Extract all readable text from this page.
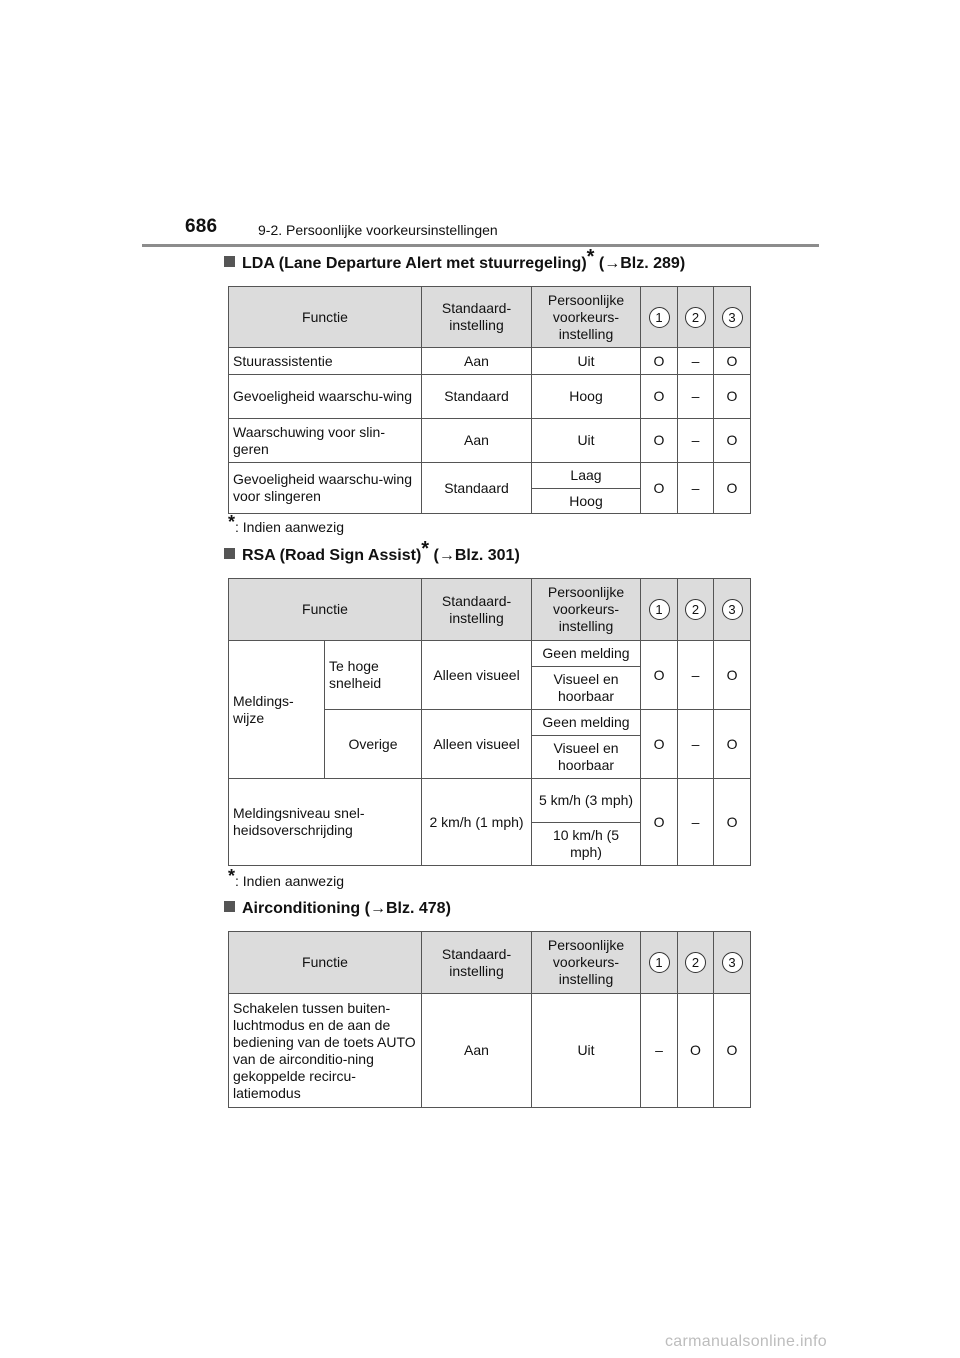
686	9-2. Persoonlijke voorkeursinstellingen
LDA (Lane Departure Alert met stuurregeling)* (→Blz. 289)
Functie	Standaard-instelling	Persoonlijke voorkeurs-instelling	1	2	3
Stuurassistentie	Aan	Uit	O	–	O
Gevoeligheid waarschu-wing	Standaard	Hoog	O	–	O
Waarschuwing voor slin-geren	Aan	Uit	O	–	O
Gevoeligheid waarschu-wing voor slingeren	Standaard	Laag	O	–	O
		Hoog			
*: Indien aanwezig
RSA (Road Sign Assist)* (→Blz. 301)
Functie		Standaard-instelling	Persoonlijke voorkeurs-instelling	1	2	3
Meldings-wijze	Te hoge snelheid	Alleen visueel	Geen melding	O	–	O
			Visueel en hoorbaar			
	Overige	Alleen visueel	Geen melding	O	–	O
			Visueel en hoorbaar			
Meldingsniveau snel-heidsoverschrijding		2 km/h (1 mph)	5 km/h (3 mph)	O	–	O
			10 km/h (5 mph)			
*: Indien aanwezig
Airconditioning (→Blz. 478)
Functie	Standaard-instelling	Persoonlijke voorkeurs-instelling	1	2	3
Schakelen tussen buiten-luchtmodus en de aan de bediening van de toets AUTO van de airconditio-ning gekoppelde recircu-latiemodus	Aan	Uit	–	O	O
carmanualsonline.info
